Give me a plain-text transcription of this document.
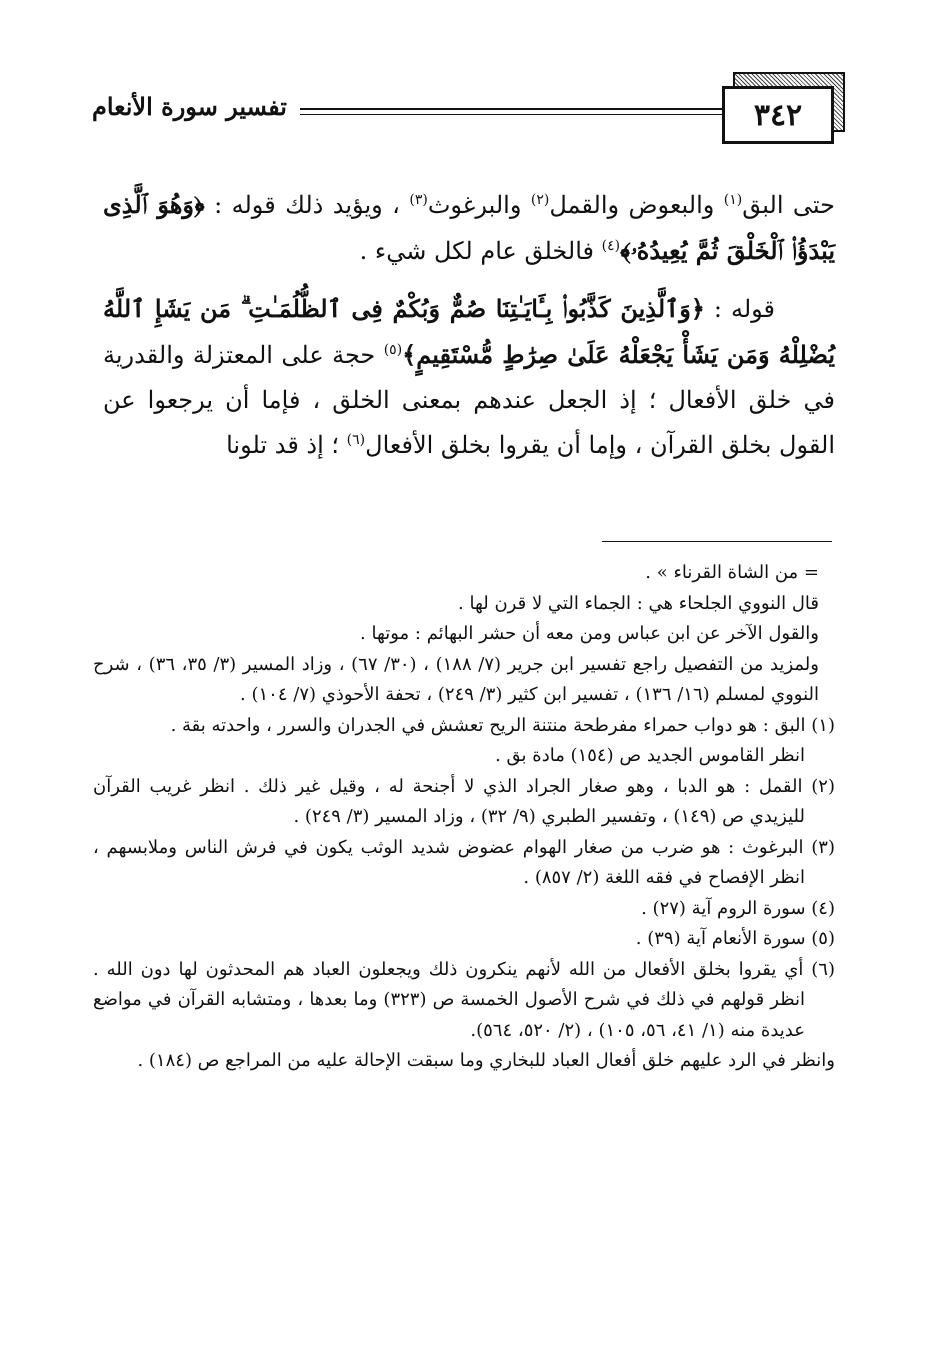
٣٤٢
تفسير سورة الأنعام

حتى البق$^{(١)}$ والبعوض والقمل$^{(٢)}$ والبرغوث$^{(٣)}$ ، ويؤيد ذلك قوله : ﴿وَهُوَ ٱلَّذِى يَبْدَؤُا۟ ٱلْخَلْقَ ثُمَّ يُعِيدُهُۥ﴾$^{(٤)}$ فالخلق عام لكل شيء .

قوله : ﴿وَٱلَّذِينَ كَذَّبُوا۟ بِـَٔايَـٰتِنَا صُمٌّ وَبُكْمٌ فِى ٱلظُّلُمَـٰتِ ۗ مَن يَشَإِ ٱللَّهُ يُضْلِلْهُ وَمَن يَشَأْ يَجْعَلْهُ عَلَىٰ صِرَٰطٍ مُّسْتَقِيمٍ﴾$^{(٥)}$ حجة على المعتزلة والقدرية في خلق الأفعال ؛ إذ الجعل عندهم بمعنى الخلق ، فإما أن يرجعوا عن القول بخلق القرآن ، وإما أن يقروا بخلق الأفعال$^{(٦)}$ ؛ إذ قد تلونا

= من الشاة القرناء » .

قال النووي الجلحاء هي : الجماء التي لا قرن لها .

والقول الآخر عن ابن عباس ومن معه أن حشر البهائم : موتها .

ولمزيد من التفصيل راجع تفسير ابن جرير (٧/ ١٨٨) ، (٣٠/ ٦٧) ، وزاد المسير (٣/ ٣٥، ٣٦) ، شرح النووي لمسلم (١٦/ ١٣٦) ، تفسير ابن كثير (٣/ ٢٤٩) ، تحفة الأحوذي (٧/ ١٠٤) .

(١) البق : هو دواب حمراء مفرطحة منتنة الريح تعشش في الجدران والسرر ، واحدته بقة .

انظر القاموس الجديد ص (١٥٤) مادة بق .

(٢) القمل : هو الدبا ، وهو صغار الجراد الذي لا أجنحة له ، وقيل غير ذلك . انظر غريب القرآن لليزيدي ص (١٤٩) ، وتفسير الطبري (٩/ ٣٢) ، وزاد المسير (٣/ ٢٤٩) .

(٣) البرغوث : هو ضرب من صغار الهوام عضوض شديد الوثب يكون في فرش الناس وملابسهم ، انظر الإفصاح في فقه اللغة (٢/ ٨٥٧) .

(٤) سورة الروم آية (٢٧) .

(٥) سورة الأنعام آية (٣٩) .

(٦) أي يقروا بخلق الأفعال من الله لأنهم ينكرون ذلك ويجعلون العباد هم المحدثون لها دون الله . انظر قولهم في ذلك في شرح الأصول الخمسة ص (٣٢٣) وما بعدها ، ومتشابه القرآن في مواضع عديدة منه (١/ ٤١، ٥٦، ١٠٥) ، (٢/ ٥٢٠، ٥٦٤).

وانظر في الرد عليهم خلق أفعال العباد للبخاري وما سبقت الإحالة عليه من المراجع ص (١٨٤) .
